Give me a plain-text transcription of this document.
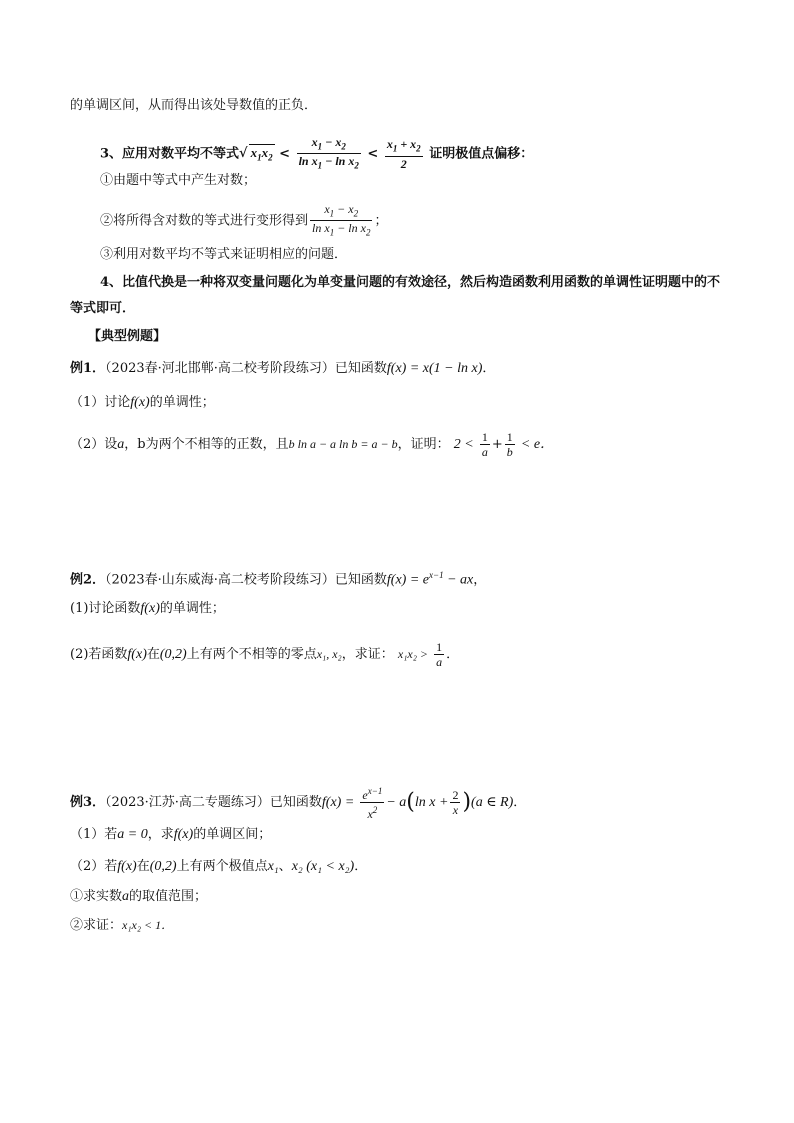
的单调区间，从而得出该处导数值的正负．
3、应用对数平均不等式√ $x_1x_2 < \frac{x_1 - x_2}{\ln x_1 - \ln x_2} < \frac{x_1 + x_2}{2}$ 证明极值点偏移：
①由题中等式中产生对数；
②将所得含对数的等式进行变形得到 $\frac{x_1 - x_2}{\ln x_1 - \ln x_2}$ ；
③利用对数平均不等式来证明相应的问题．
4、比值代换是一种将双变量问题化为单变量问题的有效途径，然后构造函数利用函数的单调性证明题中的不等式即可．
【典型例题】
例1．（2023春·河北邯郸·高二校考阶段练习）已知函数f(x) = x(1 − ln x)．
（1）讨论f(x)的单调性；
（2）设a，b为两个不相等的正数，且b ln a − a ln b = a − b，证明： $2 < \frac{1}{a} + \frac{1}{b} < e$．
例2．（2023春·山东威海·高二校考阶段练习）已知函数$f(x) = e^{x-1}$ − ax，
(1)讨论函数f(x)的单调性；
(2)若函数f(x)在(0,2)上有两个不相等的零点x₁, x₂，求证： $x_1x_2 > \frac{1}{a}$ ．
例3．（2023·江苏·高二专题练习）已知函数$f(x) = \frac{e^{x-1}}{x^2} - a(\ln$ $x + \frac{2}{x} )(a$ ∈ R)．
（1）若a = 0，求f(x)的单调区间；
（2）若f(x)在(0,2)上有两个极值点x₁、x₂ (x₁ < x₂)．
①求实数a的取值范围；
②求证：x₁x₂ < 1．
